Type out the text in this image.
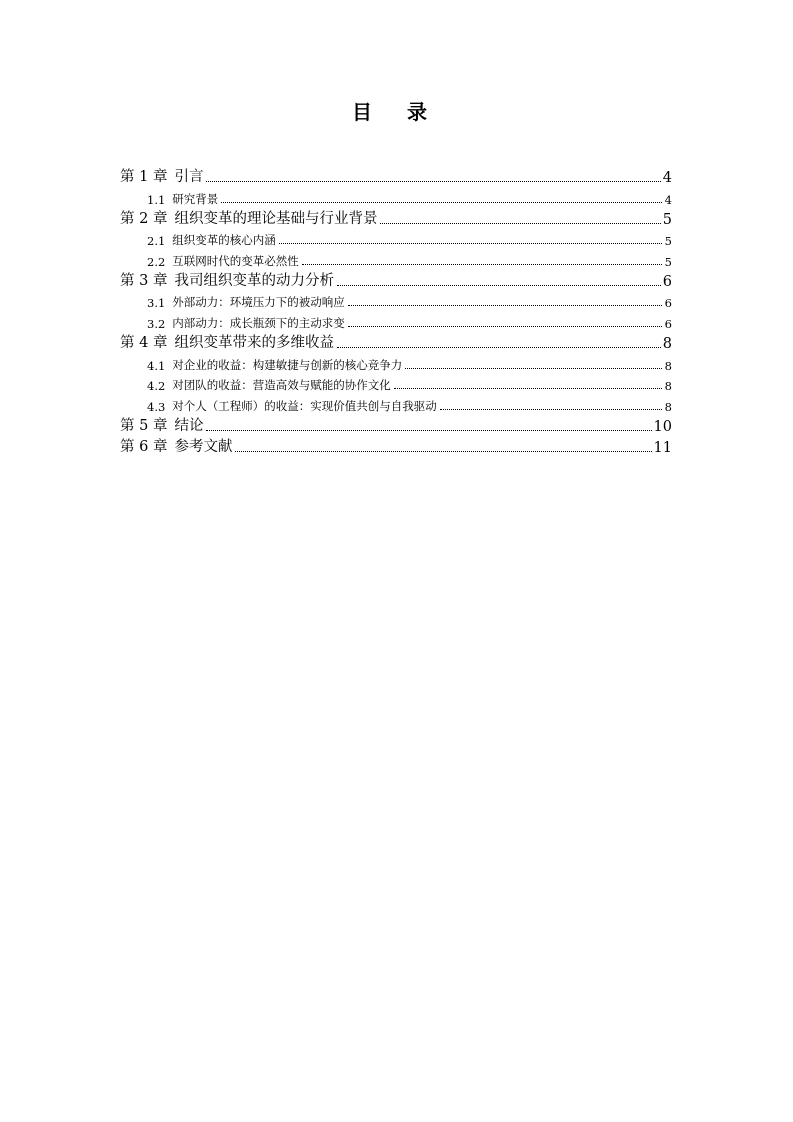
目 录
第 1 章 引言	4
1.1 研究背景	4
第 2 章 组织变革的理论基础与行业背景	5
2.1 组织变革的核心内涵	5
2.2 互联网时代的变革必然性	5
第 3 章 我司组织变革的动力分析	6
3.1 外部动力：环境压力下的被动响应	6
3.2 内部动力：成长瓶颈下的主动求变	6
第 4 章 组织变革带来的多维收益	8
4.1 对企业的收益：构建敏捷与创新的核心竞争力	8
4.2 对团队的收益：营造高效与赋能的协作文化	8
4.3 对个人（工程师）的收益：实现价值共创与自我驱动	8
第 5 章 结论	10
第 6 章 参考文献	11
